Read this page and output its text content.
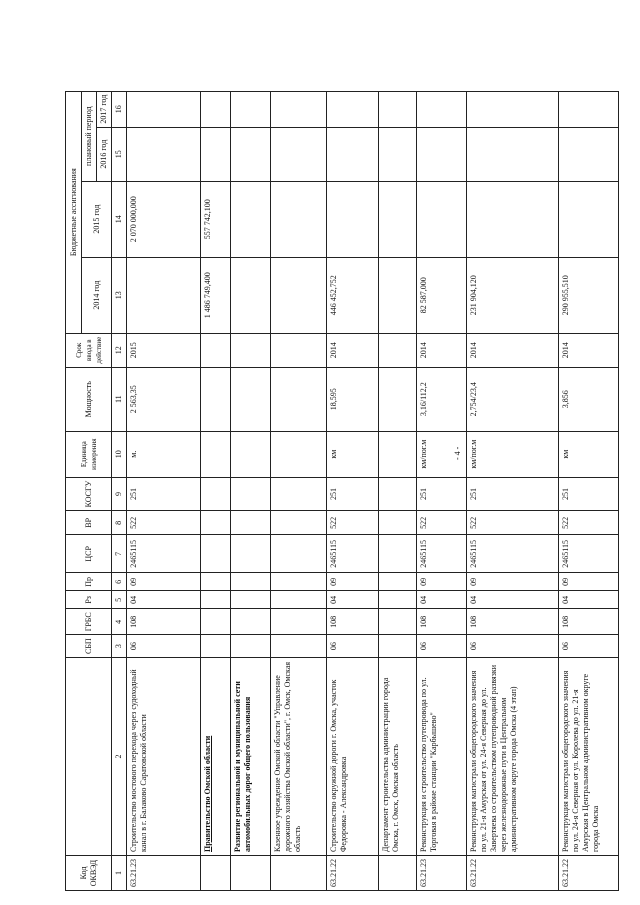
Код ОКВЭД		СБП	ГРБС	Рз	Пр	ЦСР	ВР	КОСГУ	Единица измерения	Мощность	Срок ввода в действие	Бюджетные ассигнования			
												2014 год	2015 год	плановый период	
														2016 год	2017 год

1	2	3	4	5	6	7	8	9	10	11	12	13	14	15	16
63.21.23	Строительство мостового перехода через судоходный канал в г. Балаково Саратовской области	06	108	04	09	2465115	522	251	м.	2 563,35	2015		2 070 000,000		
	Правительство Омской области											1 486 749,400	557 742,100		
	Развитие региональной и муниципальной сети автомобильных дорог общего пользования														
	Казенное учреждение Омской области "Управление дорожного хозяйства Омской области", г. Омск, Омская область														
63.21.22	Строительство окружной дороги г. Омска, участок Федоровка - Александровка	06	108	04	09	2465115	522	251	км	18,595	2014	446 452,752			
	Департамент строительства администрации города Омска, г. Омск, Омская область														
63.21.23	Реконструкция и строительство путепровода по ул. Торговая в районе станции "Карбышево"	06	108	04	09	2465115	522	251	км/пог.м	3,16/112,2	2014	82 587,000			
63.21.22	Реконструкция магистрали общегородского значения по ул. 21-я Амурская от ул. 24-я Северная до ул. Завертяева со строительством путепроводной развязки через железнодорожные пути в Центральном административном округе города Омска (4 этап)	06	108	04	09	2465115	522	251	км/пог.м	2,754/23,4	2014	231 904,120			
63.21.22	Реконструкция магистрали общегородского значения по ул. 24-я Северная от ул. Королева до ул. 21-я Амурская в Центральном административном округе города Омска	06	108	04	09	2465115	522	251	км	3,856	2014	290 955,510			
- 4 -
